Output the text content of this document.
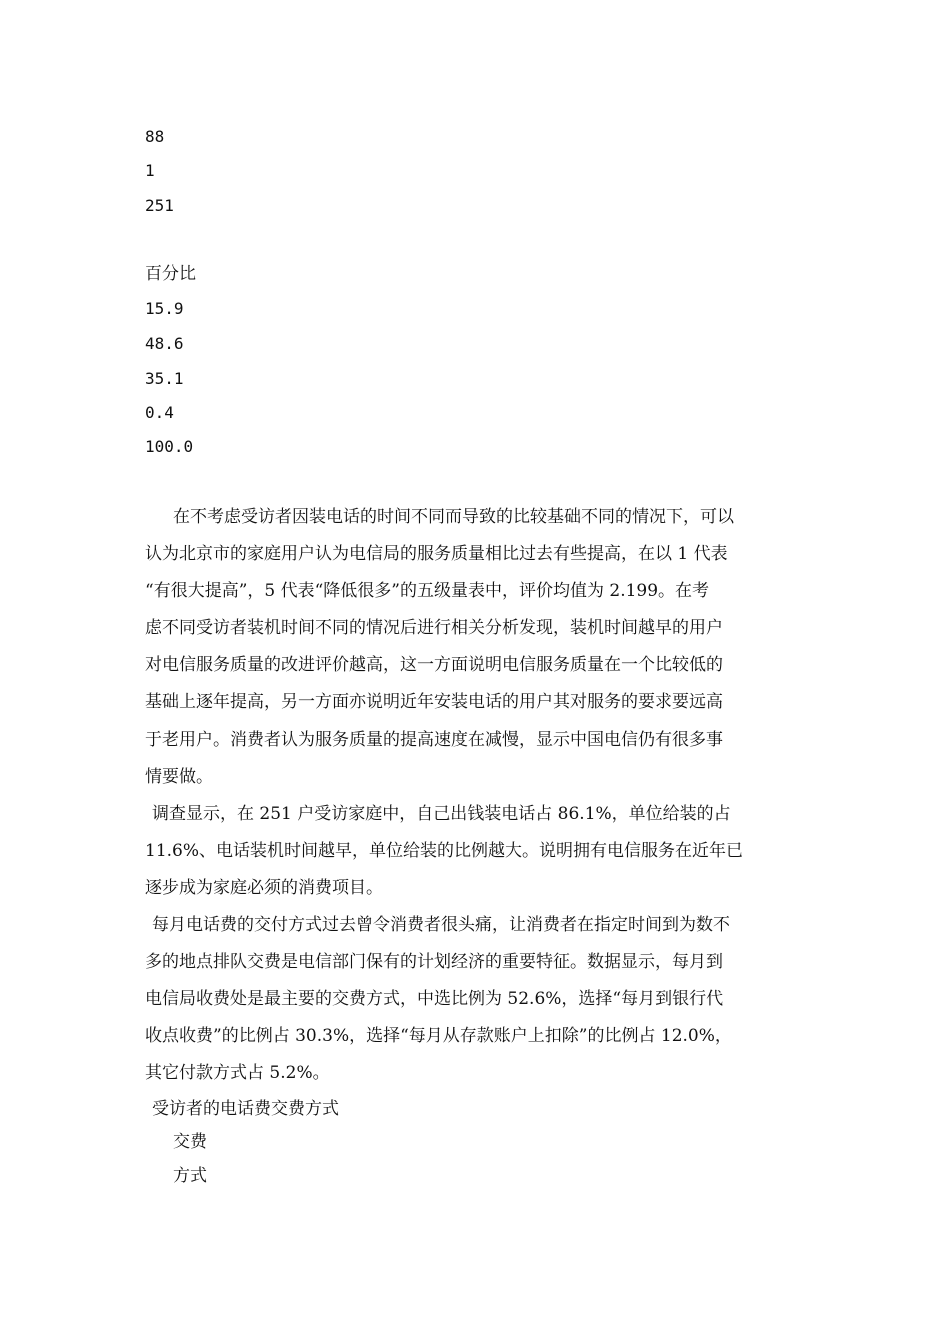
88
1
251
百分比
15.9
48.6
35.1
0.4
100.0
在不考虑受访者因装电话的时间不同而导致的比较基础不同的情况下，可以
认为北京市的家庭用户认为电信局的服务质量相比过去有些提高，在以 1 代表
“有很大提高”，5 代表“降低很多”的五级量表中，评价均值为 2.199。在考
虑不同受访者装机时间不同的情况后进行相关分析发现，装机时间越早的用户
对电信服务质量的改进评价越高，这一方面说明电信服务质量在一个比较低的
基础上逐年提高，另一方面亦说明近年安装电话的用户其对服务的要求要远高
于老用户。消费者认为服务质量的提高速度在减慢，显示中国电信仍有很多事
情要做。
调查显示，在 251 户受访家庭中，自己出钱装电话占 86.1%，单位给装的占
11.6%、电话装机时间越早，单位给装的比例越大。说明拥有电信服务在近年已
逐步成为家庭必须的消费项目。
每月电话费的交付方式过去曾令消费者很头痛，让消费者在指定时间到为数不
多的地点排队交费是电信部门保有的计划经济的重要特征。数据显示，每月到
电信局收费处是最主要的交费方式，中选比例为 52.6%，选择“每月到银行代
收点收费”的比例占 30.3%，选择“每月从存款账户上扣除”的比例占 12.0%，
其它付款方式占 5.2%。
受访者的电话费交费方式
交费
方式
